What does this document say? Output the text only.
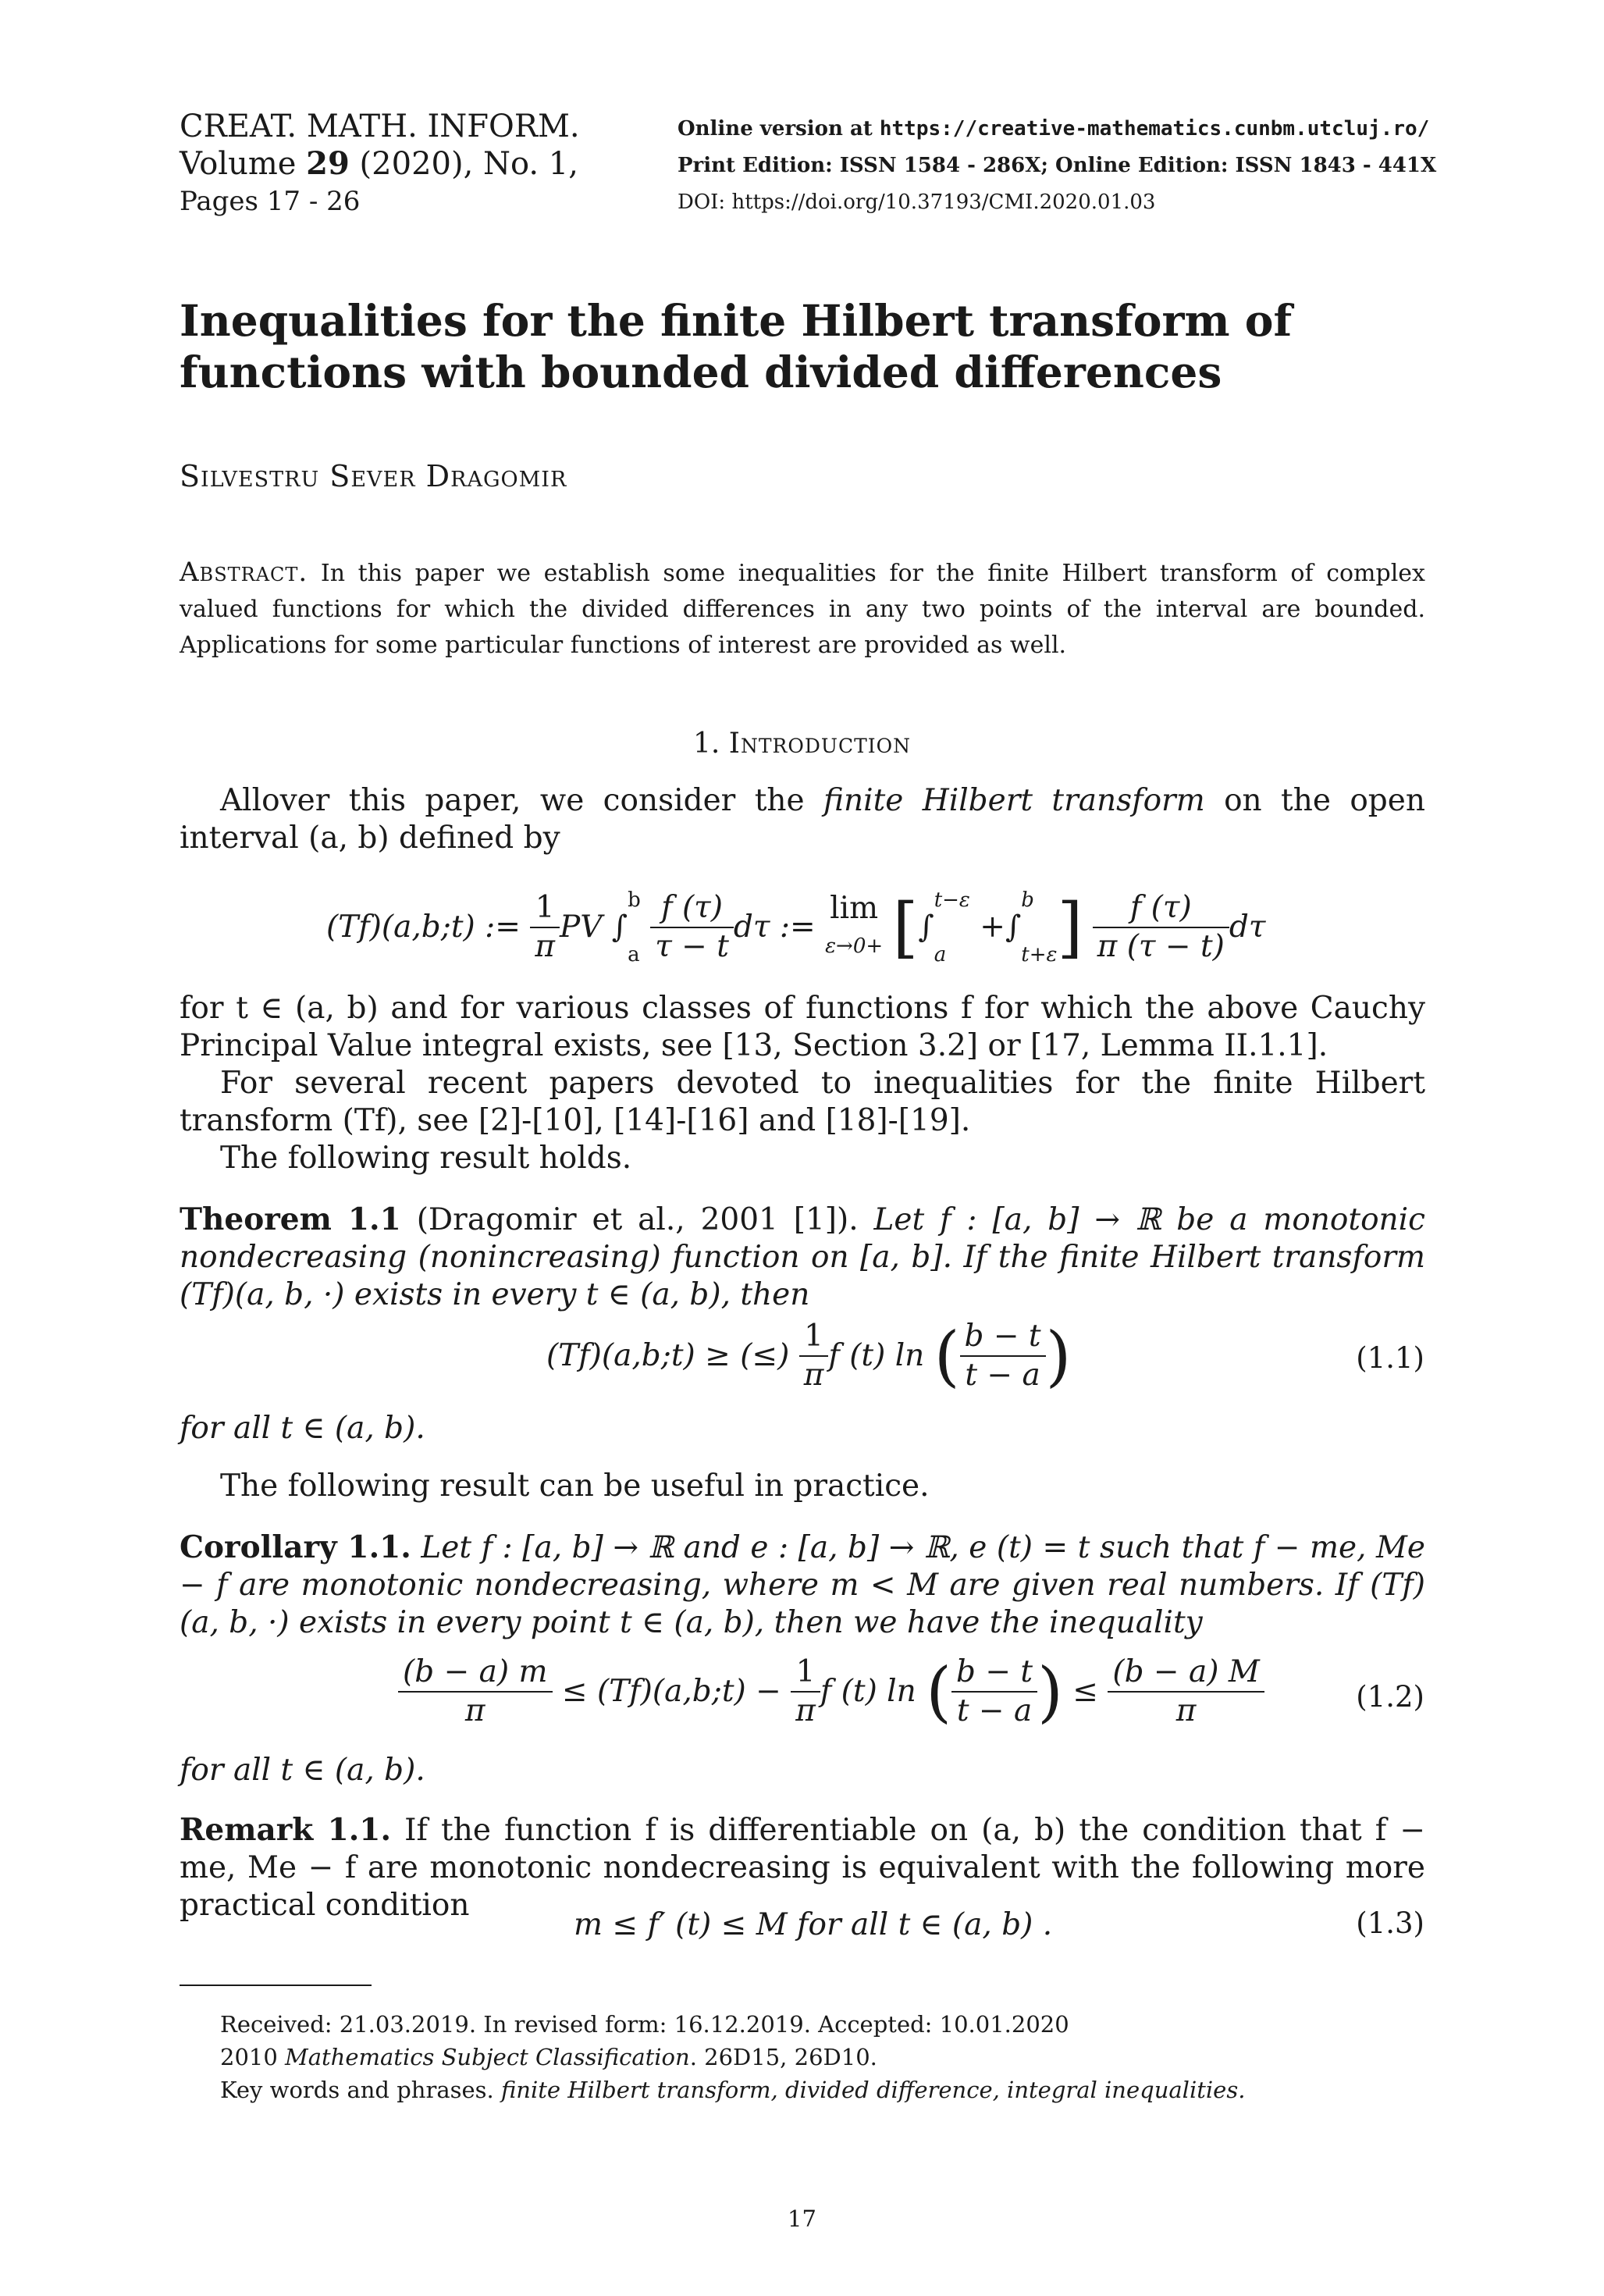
CREAT. MATH. INFORM.
Volume 29 (2020), No. 1,
Pages 17 - 26
Online version at https://creative-mathematics.cunbm.utcluj.ro/
Print Edition: ISSN 1584 - 286X; Online Edition: ISSN 1843 - 441X
DOI: https://doi.org/10.37193/CMI.2020.01.03
Inequalities for the finite Hilbert transform of functions with bounded divided differences
Silvestru Sever Dragomir
Abstract. In this paper we establish some inequalities for the finite Hilbert transform of complex valued functions for which the divided differences in any two points of the interval are bounded. Applications for some particular functions of interest are provided as well.
1. Introduction
Allover this paper, we consider the finite Hilbert transform on the open interval (a, b) defined by
(Tf)(a,b;t) := $\frac{1}{\pi}$ PV ∫
b
a
$\frac{f (\tau)}{\tau - t}$ dτ :=
lim
ε→0+ [∫
t−ε
a
+∫
b
t+ε ] $\frac{f (\tau)}{\pi (\tau - t)}$ dτ
for t ∈ (a, b) and for various classes of functions f for which the above Cauchy Principal Value integral exists, see [13, Section 3.2] or [17, Lemma II.1.1].
For several recent papers devoted to inequalities for the finite Hilbert transform (Tf), see [2]-[10], [14]-[16] and [18]-[19].
The following result holds.
Theorem 1.1 (Dragomir et al., 2001 [1]). Let f : [a, b] → ℝ be a monotonic nondecreasing (nonincreasing) function on [a, b]. If the finite Hilbert transform (Tf)(a, b, ·) exists in every t ∈ (a, b), then
(Tf)(a,b;t) ≥ (≤) $\frac{1}{\pi}$ f (t) ln ( $\frac{b - t}{t - a}$ )	(1.1)
for all t ∈ (a, b).
The following result can be useful in practice.
Corollary 1.1. Let f : [a, b] → ℝ and e : [a, b] → ℝ, e (t) = t such that f − me, Me − f are monotonic nondecreasing, where m < M are given real numbers. If (Tf)(a, b, ·) exists in every point t ∈ (a, b), then we have the inequality
$\frac{(b - a) m}{\pi}$ ≤ (Tf)(a,b;t) − $\frac{1}{\pi}$ f (t) ln ( $\frac{b - t}{t - a}$ ) ≤ $\frac{(b - a) M}{\pi}$	(1.2)
for all t ∈ (a, b).
Remark 1.1. If the function f is differentiable on (a, b) the condition that f − me, Me − f are monotonic nondecreasing is equivalent with the following more practical condition
m ≤ f′ (t) ≤ M for all t ∈ (a, b) .	(1.3)
Received: 21.03.2019. In revised form: 16.12.2019. Accepted: 10.01.2020
2010 Mathematics Subject Classification. 26D15, 26D10.
Key words and phrases. finite Hilbert transform, divided difference, integral inequalities.
17
